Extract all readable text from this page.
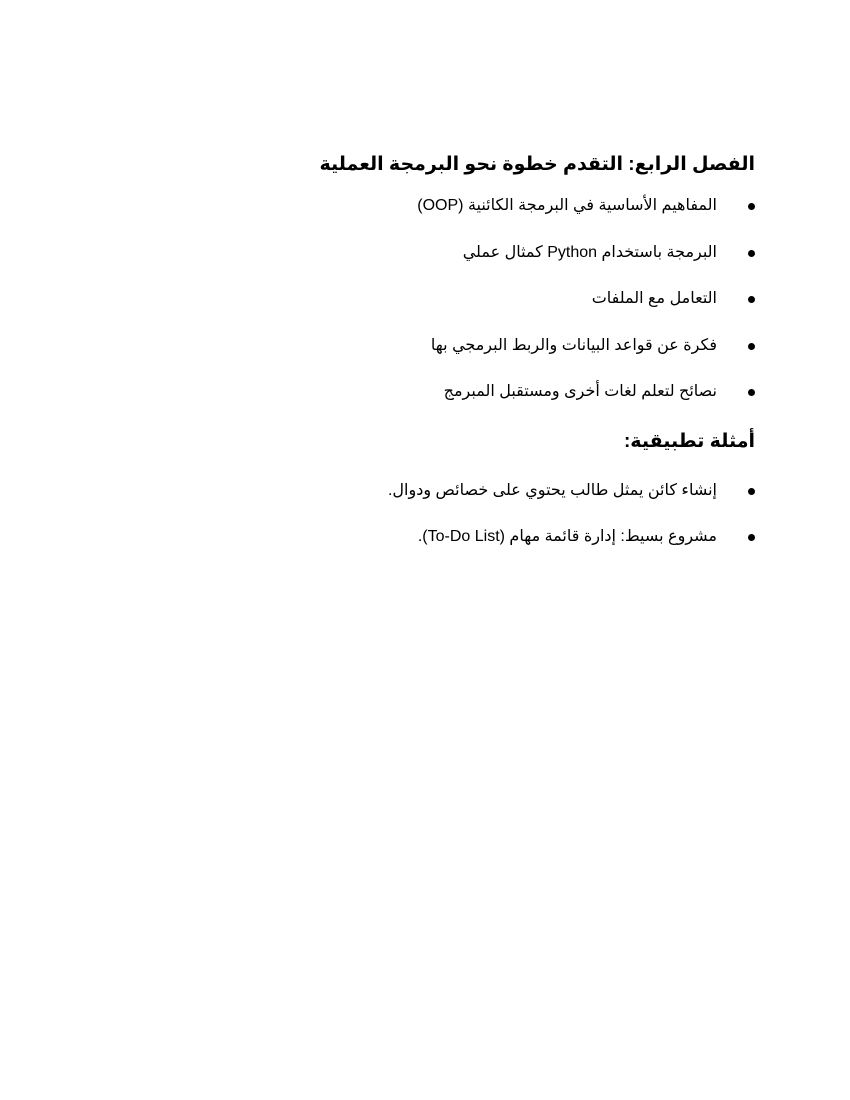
الفصل الرابع: التقدم خطوة نحو البرمجة العملية
المفاهيم الأساسية في البرمجة الكائنية (OOP)
البرمجة باستخدام Python كمثال عملي
التعامل مع الملفات
فكرة عن قواعد البيانات والربط البرمجي بها
نصائح لتعلم لغات أخرى ومستقبل المبرمج
أمثلة تطبيقية:
إنشاء كائن يمثل طالب يحتوي على خصائص ودوال.
مشروع بسيط: إدارة قائمة مهام (To-Do List).
